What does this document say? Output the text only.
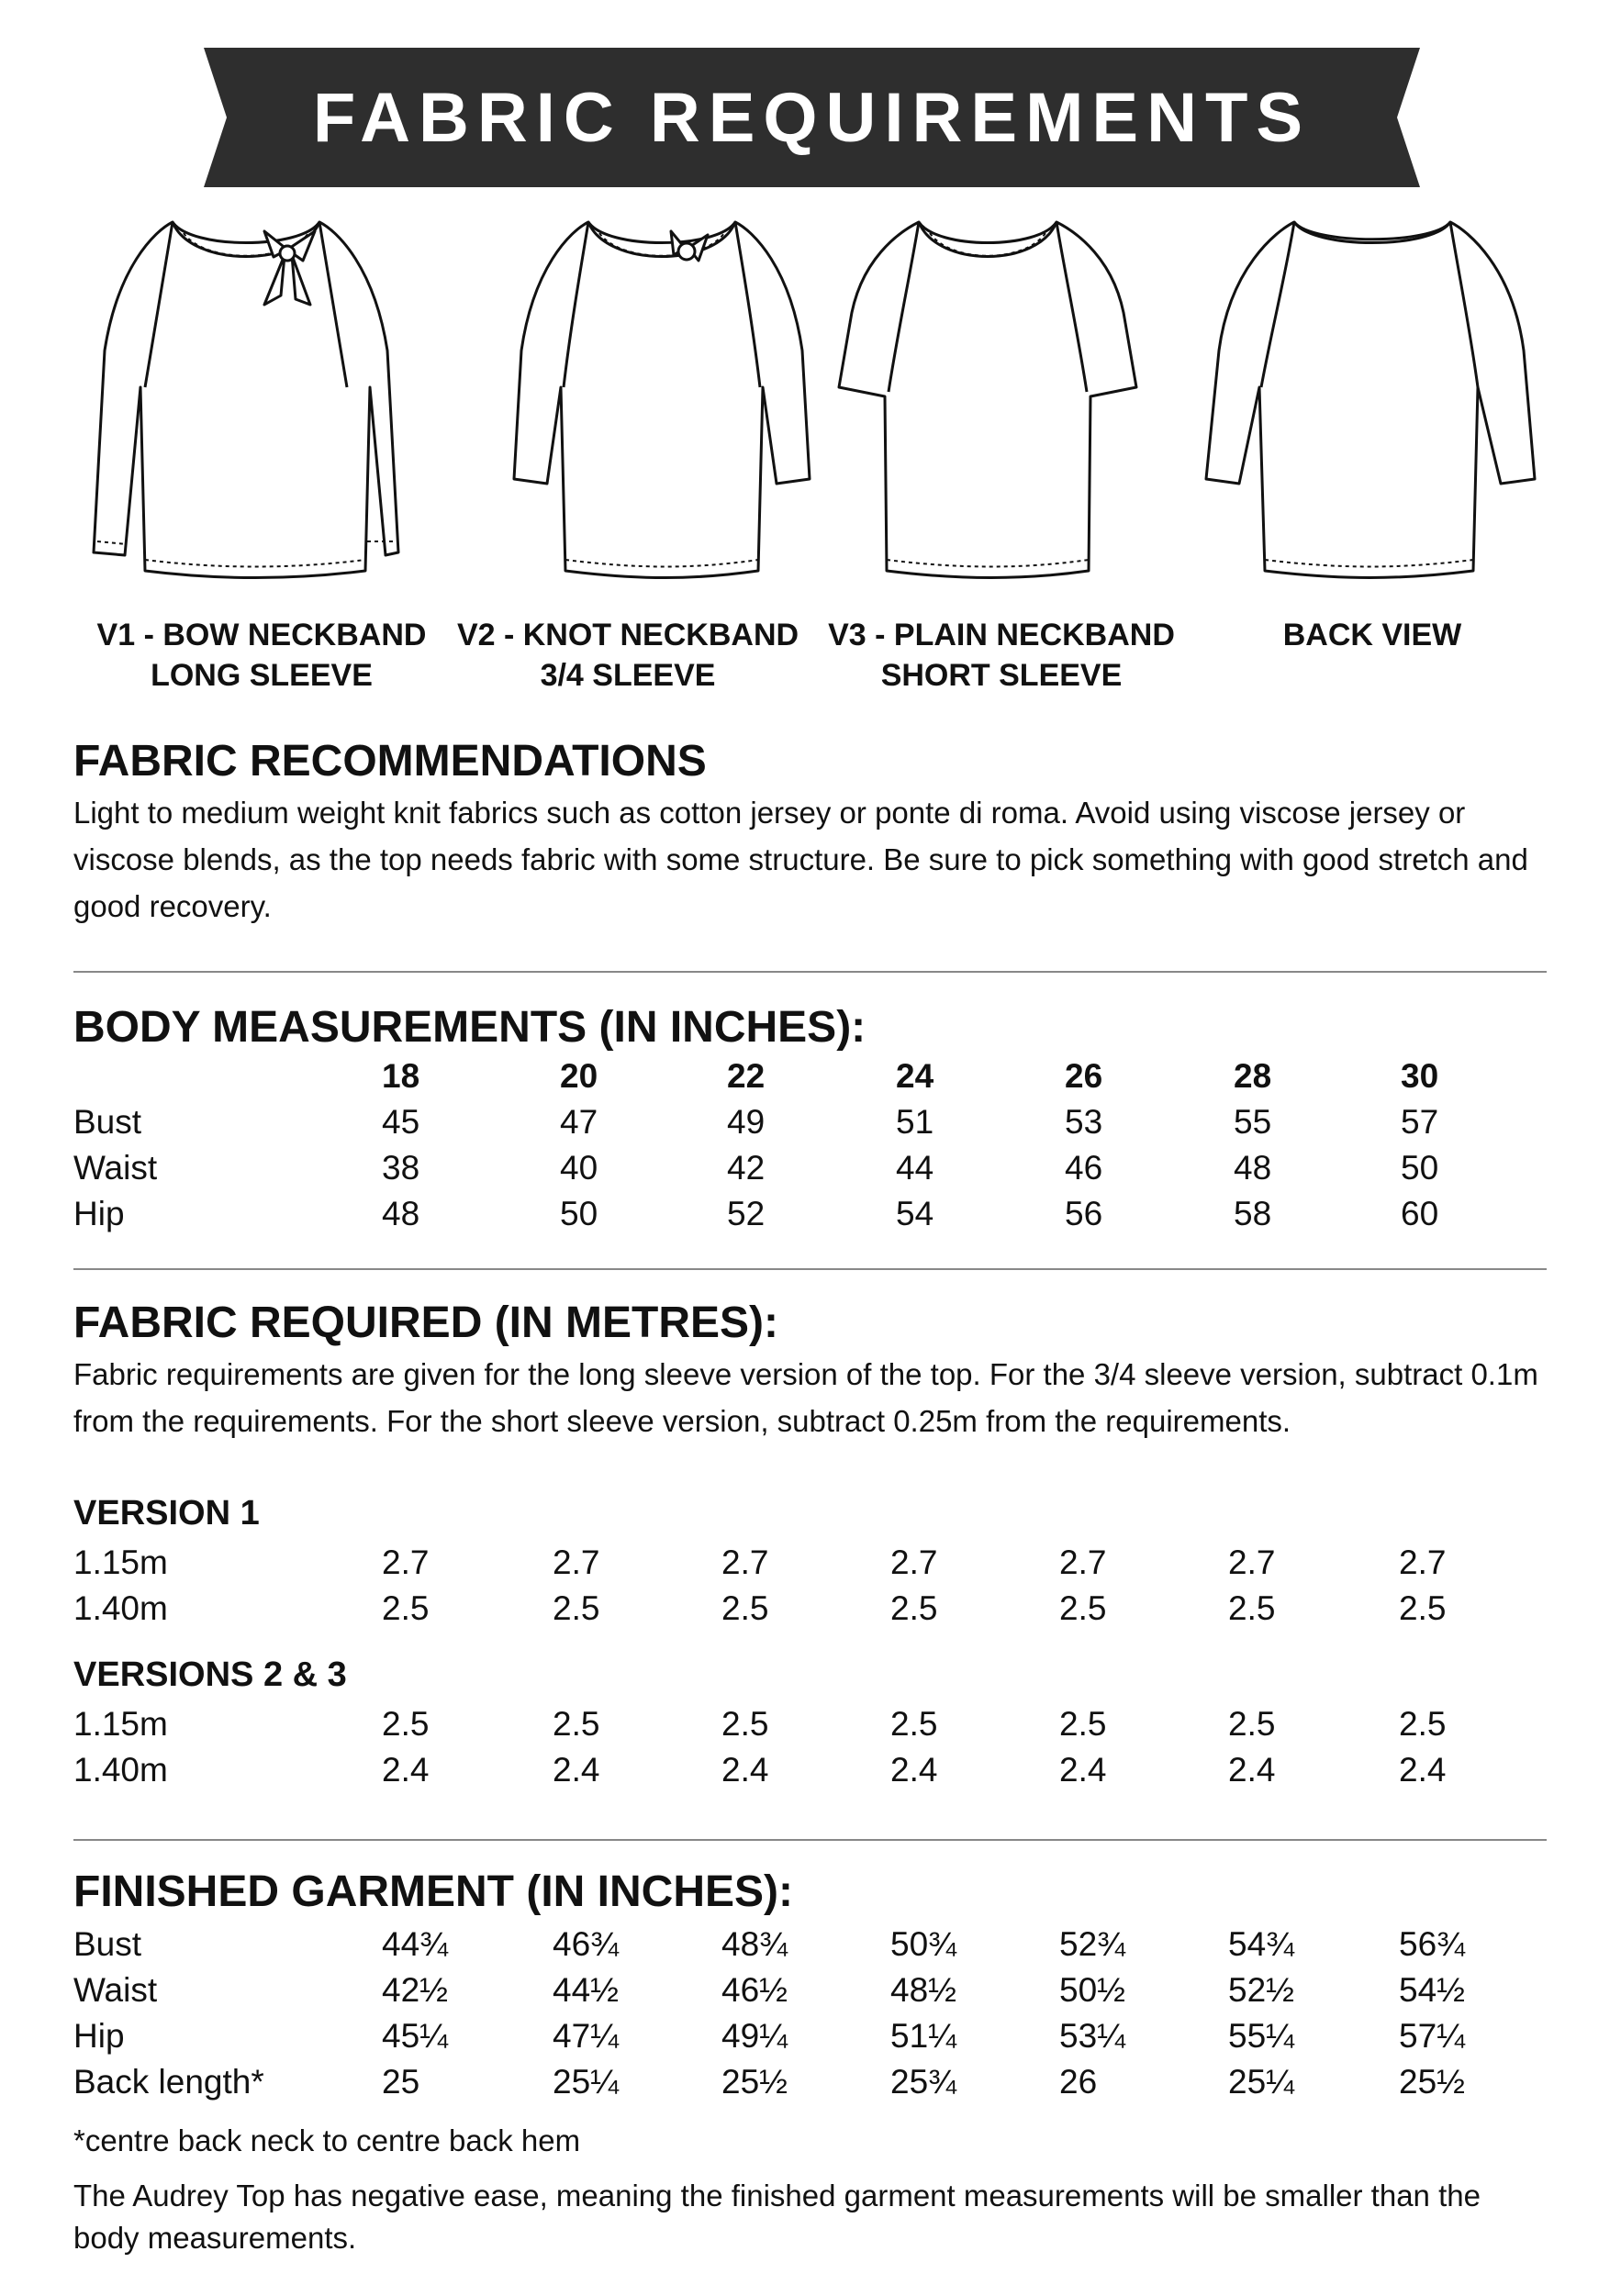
FABRIC REQUIREMENTS
V1 - BOW NECKBAND
LONG SLEEVE
V2 - KNOT NECKBAND
3/4 SLEEVE
V3 - PLAIN NECKBAND
SHORT SLEEVE
BACK VIEW
FABRIC RECOMMENDATIONS
Light to medium weight knit fabrics such as cotton jersey or ponte di roma. Avoid using viscose jersey or viscose blends, as the top needs fabric with some structure. Be sure to pick something with good stretch and good recovery.
BODY MEASUREMENTS (IN INCHES):
18	20	22	24	26	28	30
Bust	45	47	49	51	53	55	57
Waist	38	40	42	44	46	48	50
Hip	48	50	52	54	56	58	60
FABRIC REQUIRED (IN METRES):
Fabric requirements are given for the long sleeve version of the top. For the 3/4 sleeve version, subtract 0.1m from the requirements. For the short sleeve version, subtract 0.25m from the requirements.
VERSION 1
1.15m	2.7	2.7	2.7	2.7	2.7	2.7	2.7
1.40m	2.5	2.5	2.5	2.5	2.5	2.5	2.5
VERSIONS 2 & 3
1.15m	2.5	2.5	2.5	2.5	2.5	2.5	2.5
1.40m	2.4	2.4	2.4	2.4	2.4	2.4	2.4
FINISHED GARMENT (IN INCHES):
Bust	44¾	46¾	48¾	50¾	52¾	54¾	56¾
Waist	42½	44½	46½	48½	50½	52½	54½
Hip	45¼	47¼	49¼	51¼	53¼	55¼	57¼
Back length*	25	25¼	25½	25¾	26	25¼	25½
*centre back neck to centre back hem
The Audrey Top has negative ease, meaning the finished garment measurements will be smaller than the body measurements.
